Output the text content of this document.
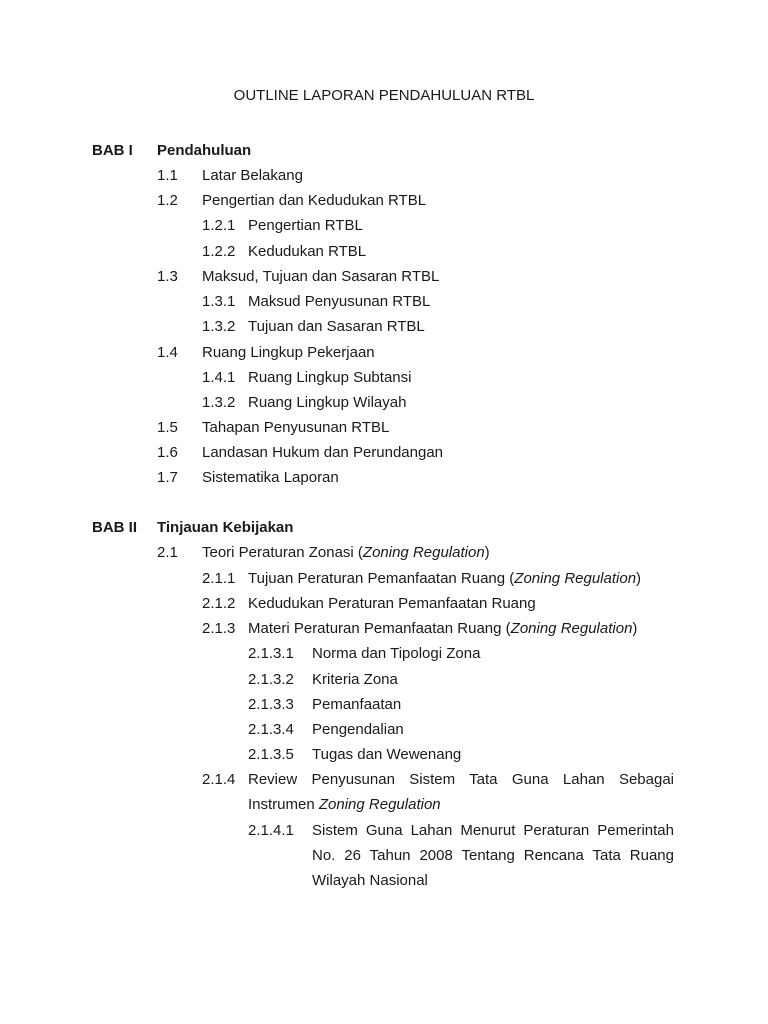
OUTLINE LAPORAN PENDAHULUAN RTBL
BAB I Pendahuluan
1.1 Latar Belakang
1.2 Pengertian dan Kedudukan RTBL
1.2.1 Pengertian RTBL
1.2.2 Kedudukan RTBL
1.3 Maksud, Tujuan dan Sasaran RTBL
1.3.1 Maksud Penyusunan RTBL
1.3.2 Tujuan dan Sasaran RTBL
1.4 Ruang Lingkup Pekerjaan
1.4.1 Ruang Lingkup Subtansi
1.3.2 Ruang Lingkup Wilayah
1.5 Tahapan Penyusunan RTBL
1.6 Landasan Hukum dan Perundangan
1.7 Sistematika Laporan
BAB II Tinjauan Kebijakan
2.1 Teori Peraturan Zonasi (Zoning Regulation)
2.1.1 Tujuan Peraturan Pemanfaatan Ruang (Zoning Regulation)
2.1.2 Kedudukan Peraturan Pemanfaatan Ruang
2.1.3 Materi Peraturan Pemanfaatan Ruang (Zoning Regulation)
2.1.3.1 Norma dan Tipologi Zona
2.1.3.2 Kriteria Zona
2.1.3.3 Pemanfaatan
2.1.3.4 Pengendalian
2.1.3.5 Tugas dan Wewenang
2.1.4 Review Penyusunan Sistem Tata Guna Lahan Sebagai
Instrumen Zoning Regulation
2.1.4.1 Sistem Guna Lahan Menurut Peraturan Pemerintah
No. 26 Tahun 2008 Tentang Rencana Tata Ruang
Wilayah Nasional
